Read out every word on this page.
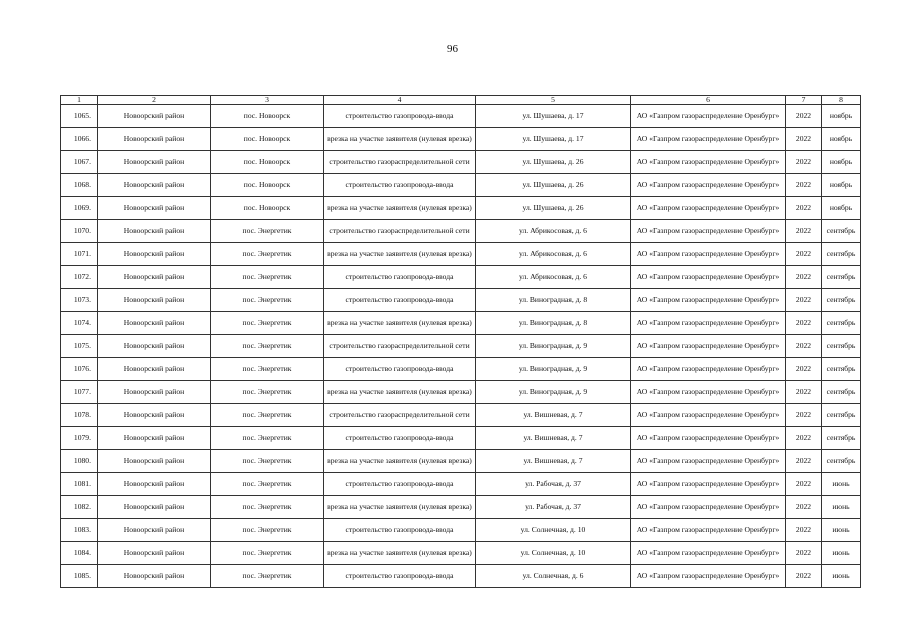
96
1	2	3	4	5	6	7	8
1065.	Новоорский район	пос. Новоорск	строительство газопровода-ввода	ул. Шушаева, д. 17	АО «Газпром газораспределение Оренбург»	2022	ноябрь
1066.	Новоорский район	пос. Новоорск	врезка на участке заявителя (нулевая врезка)	ул. Шушаева, д. 17	АО «Газпром газораспределение Оренбург»	2022	ноябрь
1067.	Новоорский район	пос. Новоорск	строительство газораспределительной сети	ул. Шушаева, д. 26	АО «Газпром газораспределение Оренбург»	2022	ноябрь
1068.	Новоорский район	пос. Новоорск	строительство газопровода-ввода	ул. Шушаева, д. 26	АО «Газпром газораспределение Оренбург»	2022	ноябрь
1069.	Новоорский район	пос. Новоорск	врезка на участке заявителя (нулевая врезка)	ул. Шушаева, д. 26	АО «Газпром газораспределение Оренбург»	2022	ноябрь
1070.	Новоорский район	пос. Энергетик	строительство газораспределительной сети	ул. Абрикосовая, д. 6	АО «Газпром газораспределение Оренбург»	2022	сентябрь
1071.	Новоорский район	пос. Энергетик	врезка на участке заявителя (нулевая врезка)	ул. Абрикосовая, д. 6	АО «Газпром газораспределение Оренбург»	2022	сентябрь
1072.	Новоорский район	пос. Энергетик	строительство газопровода-ввода	ул. Абрикосовая, д. 6	АО «Газпром газораспределение Оренбург»	2022	сентябрь
1073.	Новоорский район	пос. Энергетик	строительство газопровода-ввода	ул. Виноградная, д. 8	АО «Газпром газораспределение Оренбург»	2022	сентябрь
1074.	Новоорский район	пос. Энергетик	врезка на участке заявителя (нулевая врезка)	ул. Виноградная, д. 8	АО «Газпром газораспределение Оренбург»	2022	сентябрь
1075.	Новоорский район	пос. Энергетик	строительство газораспределительной сети	ул. Виноградная, д. 9	АО «Газпром газораспределение Оренбург»	2022	сентябрь
1076.	Новоорский район	пос. Энергетик	строительство газопровода-ввода	ул. Виноградная, д. 9	АО «Газпром газораспределение Оренбург»	2022	сентябрь
1077.	Новоорский район	пос. Энергетик	врезка на участке заявителя (нулевая врезка)	ул. Виноградная, д. 9	АО «Газпром газораспределение Оренбург»	2022	сентябрь
1078.	Новоорский район	пос. Энергетик	строительство газораспределительной сети	ул. Вишневая, д. 7	АО «Газпром газораспределение Оренбург»	2022	сентябрь
1079.	Новоорский район	пос. Энергетик	строительство газопровода-ввода	ул. Вишневая, д. 7	АО «Газпром газораспределение Оренбург»	2022	сентябрь
1080.	Новоорский район	пос. Энергетик	врезка на участке заявителя (нулевая врезка)	ул. Вишневая, д. 7	АО «Газпром газораспределение Оренбург»	2022	сентябрь
1081.	Новоорский район	пос. Энергетик	строительство газопровода-ввода	ул. Рабочая, д. 37	АО «Газпром газораспределение Оренбург»	2022	июнь
1082.	Новоорский район	пос. Энергетик	врезка на участке заявителя (нулевая врезка)	ул. Рабочая, д. 37	АО «Газпром газораспределение Оренбург»	2022	июнь
1083.	Новоорский район	пос. Энергетик	строительство газопровода-ввода	ул. Солнечная, д. 10	АО «Газпром газораспределение Оренбург»	2022	июнь
1084.	Новоорский район	пос. Энергетик	врезка на участке заявителя (нулевая врезка)	ул. Солнечная, д. 10	АО «Газпром газораспределение Оренбург»	2022	июнь
1085.	Новоорский район	пос. Энергетик	строительство газопровода-ввода	ул. Солнечная, д. 6	АО «Газпром газораспределение Оренбург»	2022	июнь
